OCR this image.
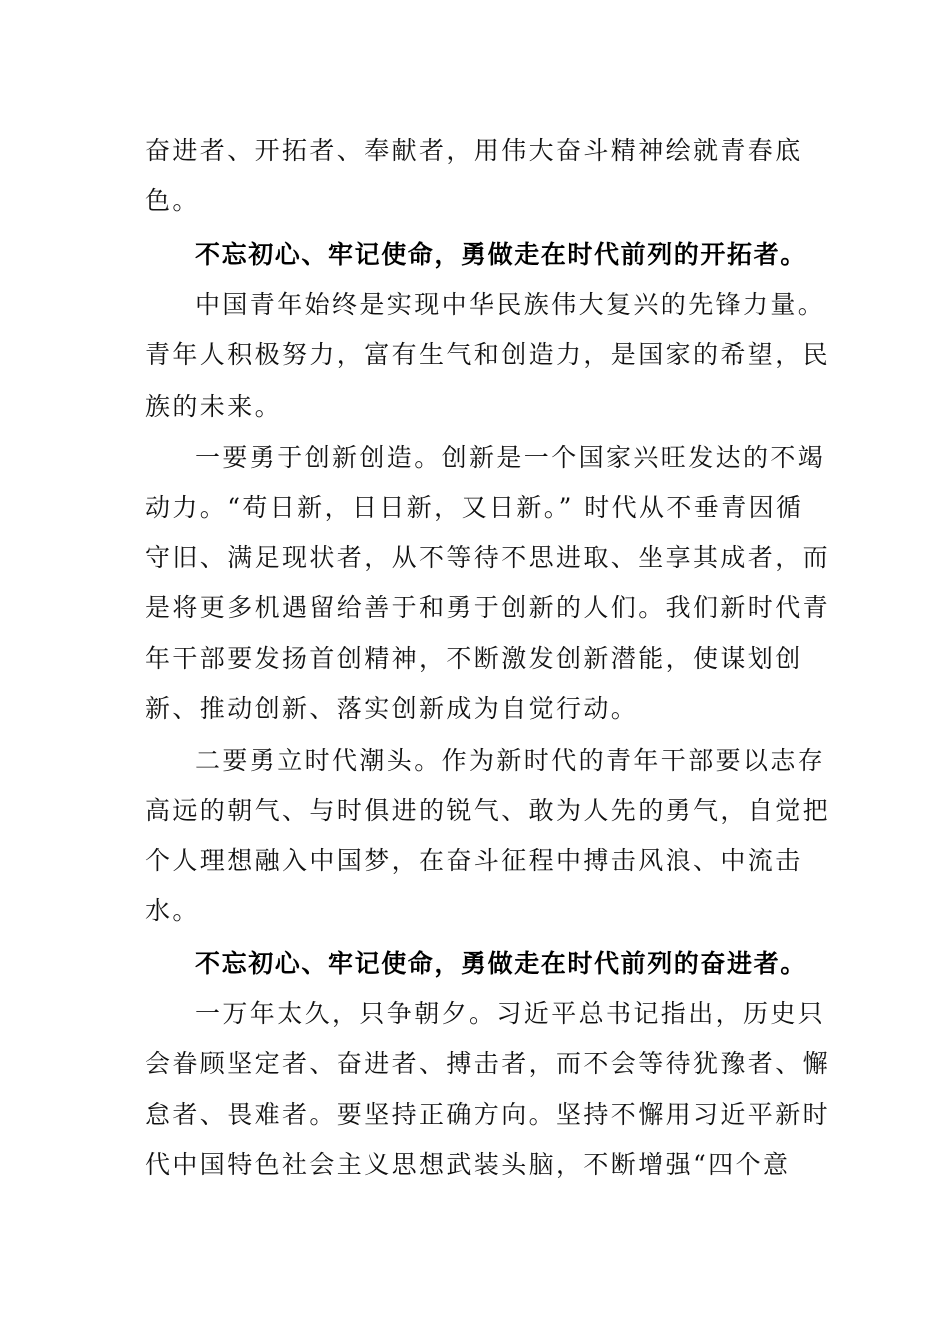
奋进者、开拓者、奉献者，用伟大奋斗精神绘就青春底
色。
不忘初心、牢记使命，勇做走在时代前列的开拓者。
中国青年始终是实现中华民族伟大复兴的先锋力量。
青年人积极努力，富有生气和创造力，是国家的希望，民
族的未来。
一要勇于创新创造。创新是一个国家兴旺发达的不竭
动力。“苟日新，日日新，又日新。” 时代从不垂青因循
守旧、满足现状者，从不等待不思进取、坐享其成者，而
是将更多机遇留给善于和勇于创新的人们。我们新时代青
年干部要发扬首创精神，不断激发创新潜能，使谋划创
新、推动创新、落实创新成为自觉行动。
二要勇立时代潮头。作为新时代的青年干部要以志存
高远的朝气、与时俱进的锐气、敢为人先的勇气，自觉把
个人理想融入中国梦，在奋斗征程中搏击风浪、中流击
水。
不忘初心、牢记使命，勇做走在时代前列的奋进者。
一万年太久，只争朝夕。习近平总书记指出，历史只
会眷顾坚定者、奋进者、搏击者，而不会等待犹豫者、懈
怠者、畏难者。要坚持正确方向。坚持不懈用习近平新时
代中国特色社会主义思想武装头脑，不断增强“四个意
